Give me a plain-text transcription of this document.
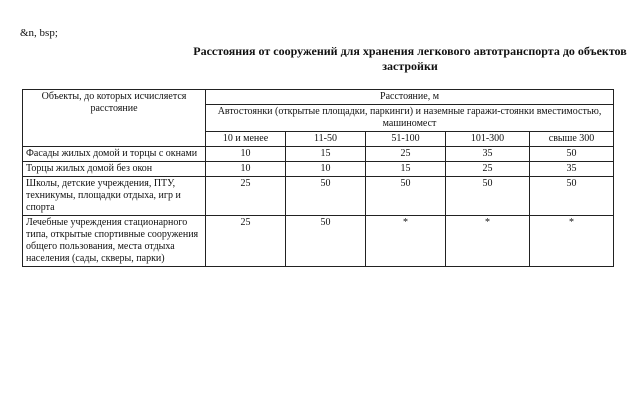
&n, bsp;
Расстояния от сооружений для хранения легкового автотранспорта до объектов
застройки
Объекты, до которых исчисляется расстояние	Расстояние, м				
	Автостоянки (открытые площадки, паркинги) и наземные гаражи-стоянки вместимостью, машиномест				
	10 и менее	11-50	51-100	101-300	свыше 300
Фасады жилых домой и торцы с окнами	10	15	25	35	50
Торцы жилых домой без окон	10	10	15	25	35
Школы, детские учреждения, ПТУ, техникумы, площадки отдыха, игр и спорта	25	50	50	50	50
Лечебные учреждения стационарного типа, открытые спортивные сооружения общего пользования, места отдыха населения (сады, скверы, парки)	25	50	*	*	*
